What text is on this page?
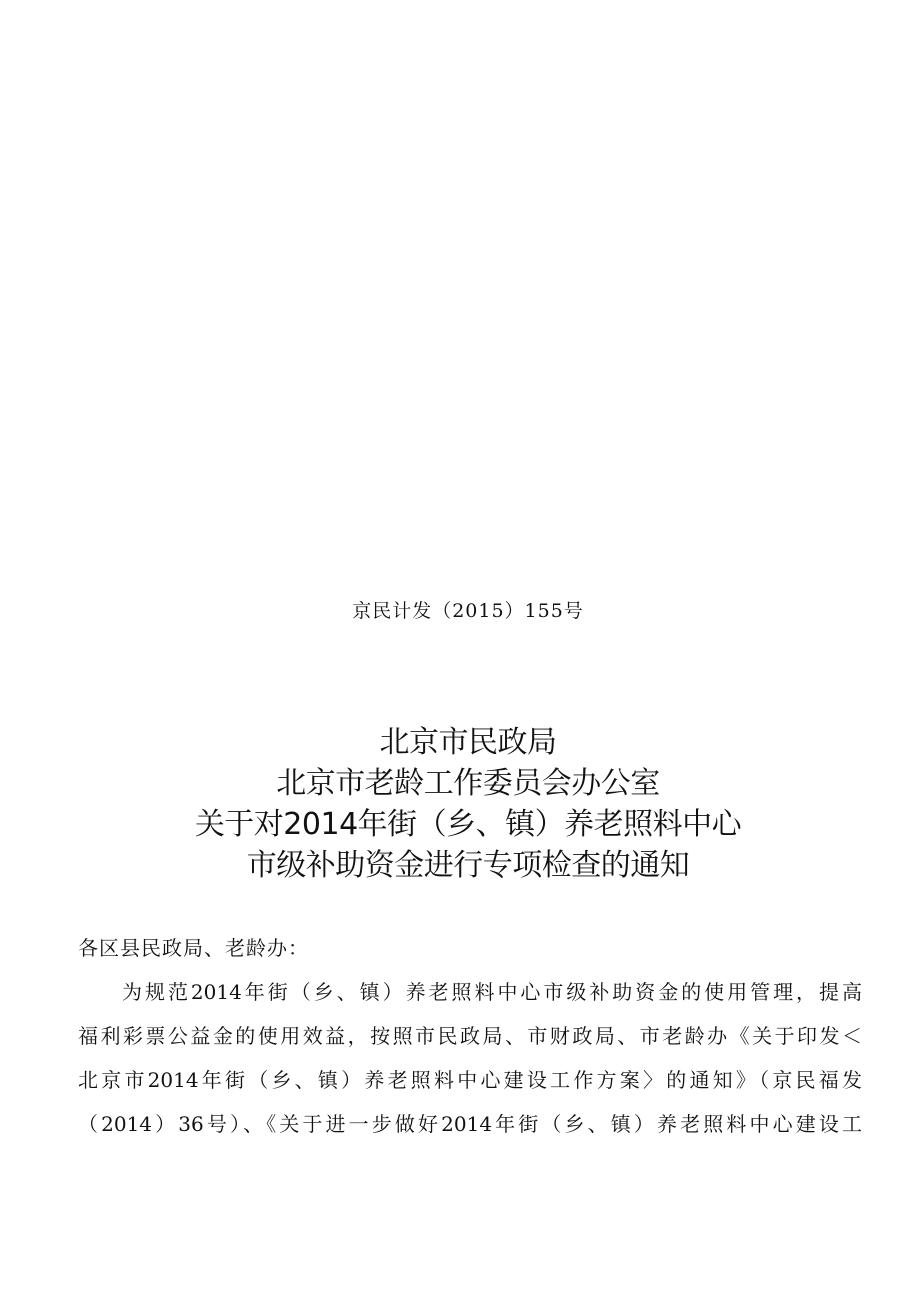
京民计发（2015）155号
北京市民政局
北京市老龄工作委员会办公室
关于对2014年街（乡、镇）养老照料中心
市级补助资金进行专项检查的通知
各区县民政局、老龄办：
为规范2014年街（乡、镇）养老照料中心市级补助资金的使用管理，提高
福利彩票公益金的使用效益，按照市民政局、市财政局、市老龄办《关于印发＜
北京市2014年街（乡、镇）养老照料中心建设工作方案〉的通知》（京民福发
（2014）36号）、《关于进一步做好2014年街（乡、镇）养老照料中心建设工
